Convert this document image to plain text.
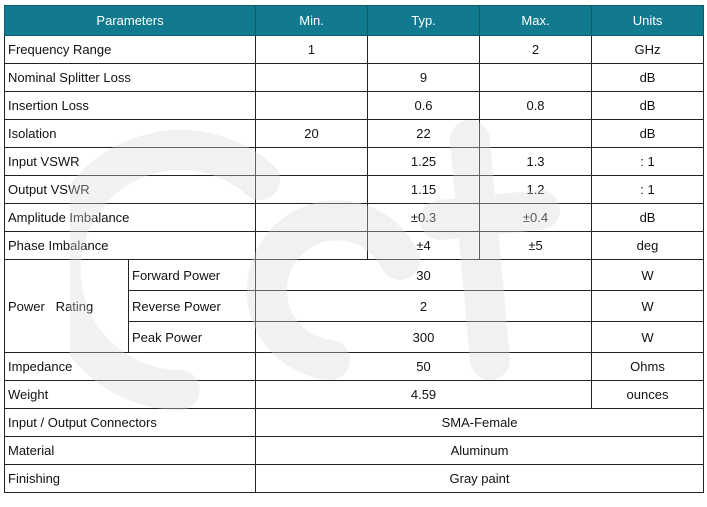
Parameters		Min.	Typ.	Max.	Units
Frequency Range		1		2	GHz
Nominal Splitter Loss			9		dB
Insertion Loss			0.6	0.8	dB
Isolation		20	22		dB
Input VSWR			1.25	1.3	: 1
Output VSWR			1.15	1.2	: 1
Amplitude Imbalance			±0.3	±0.4	dB
Phase Imbalance			±4	±5	deg
Power   Rating	Forward Power	30			W
	Reverse Power	2			W
	Peak Power	300			W
Impedance		50			Ohms
Weight		4.59			ounces
Input / Output Connectors		SMA-Female			
Material		Aluminum			
Finishing		Gray paint			
